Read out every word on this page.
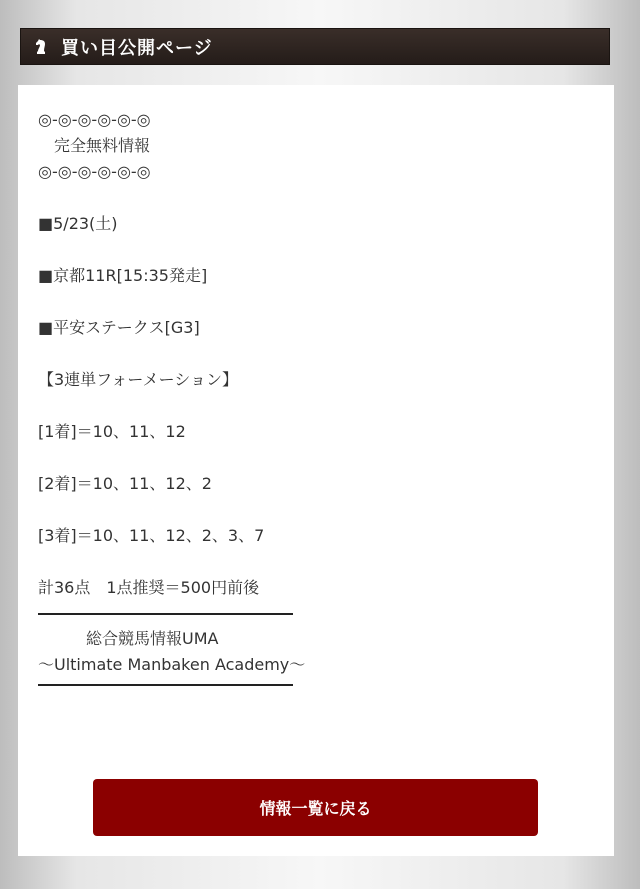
買い目公開ページ
◎-◎-◎-◎-◎-◎
　完全無料情報
◎-◎-◎-◎-◎-◎
■5/23(土)
■京都11R[15:35発走]
■平安ステークス[G3]
【3連単フォーメーション】
[1着]＝10、11、12
[2着]＝10、11、12、2
[3着]＝10、11、12、2、3、7
計36点　1点推奨＝500円前後
　　　総合競馬情報UMA
〜Ultimate Manbaken Academy〜
情報一覧に戻る
